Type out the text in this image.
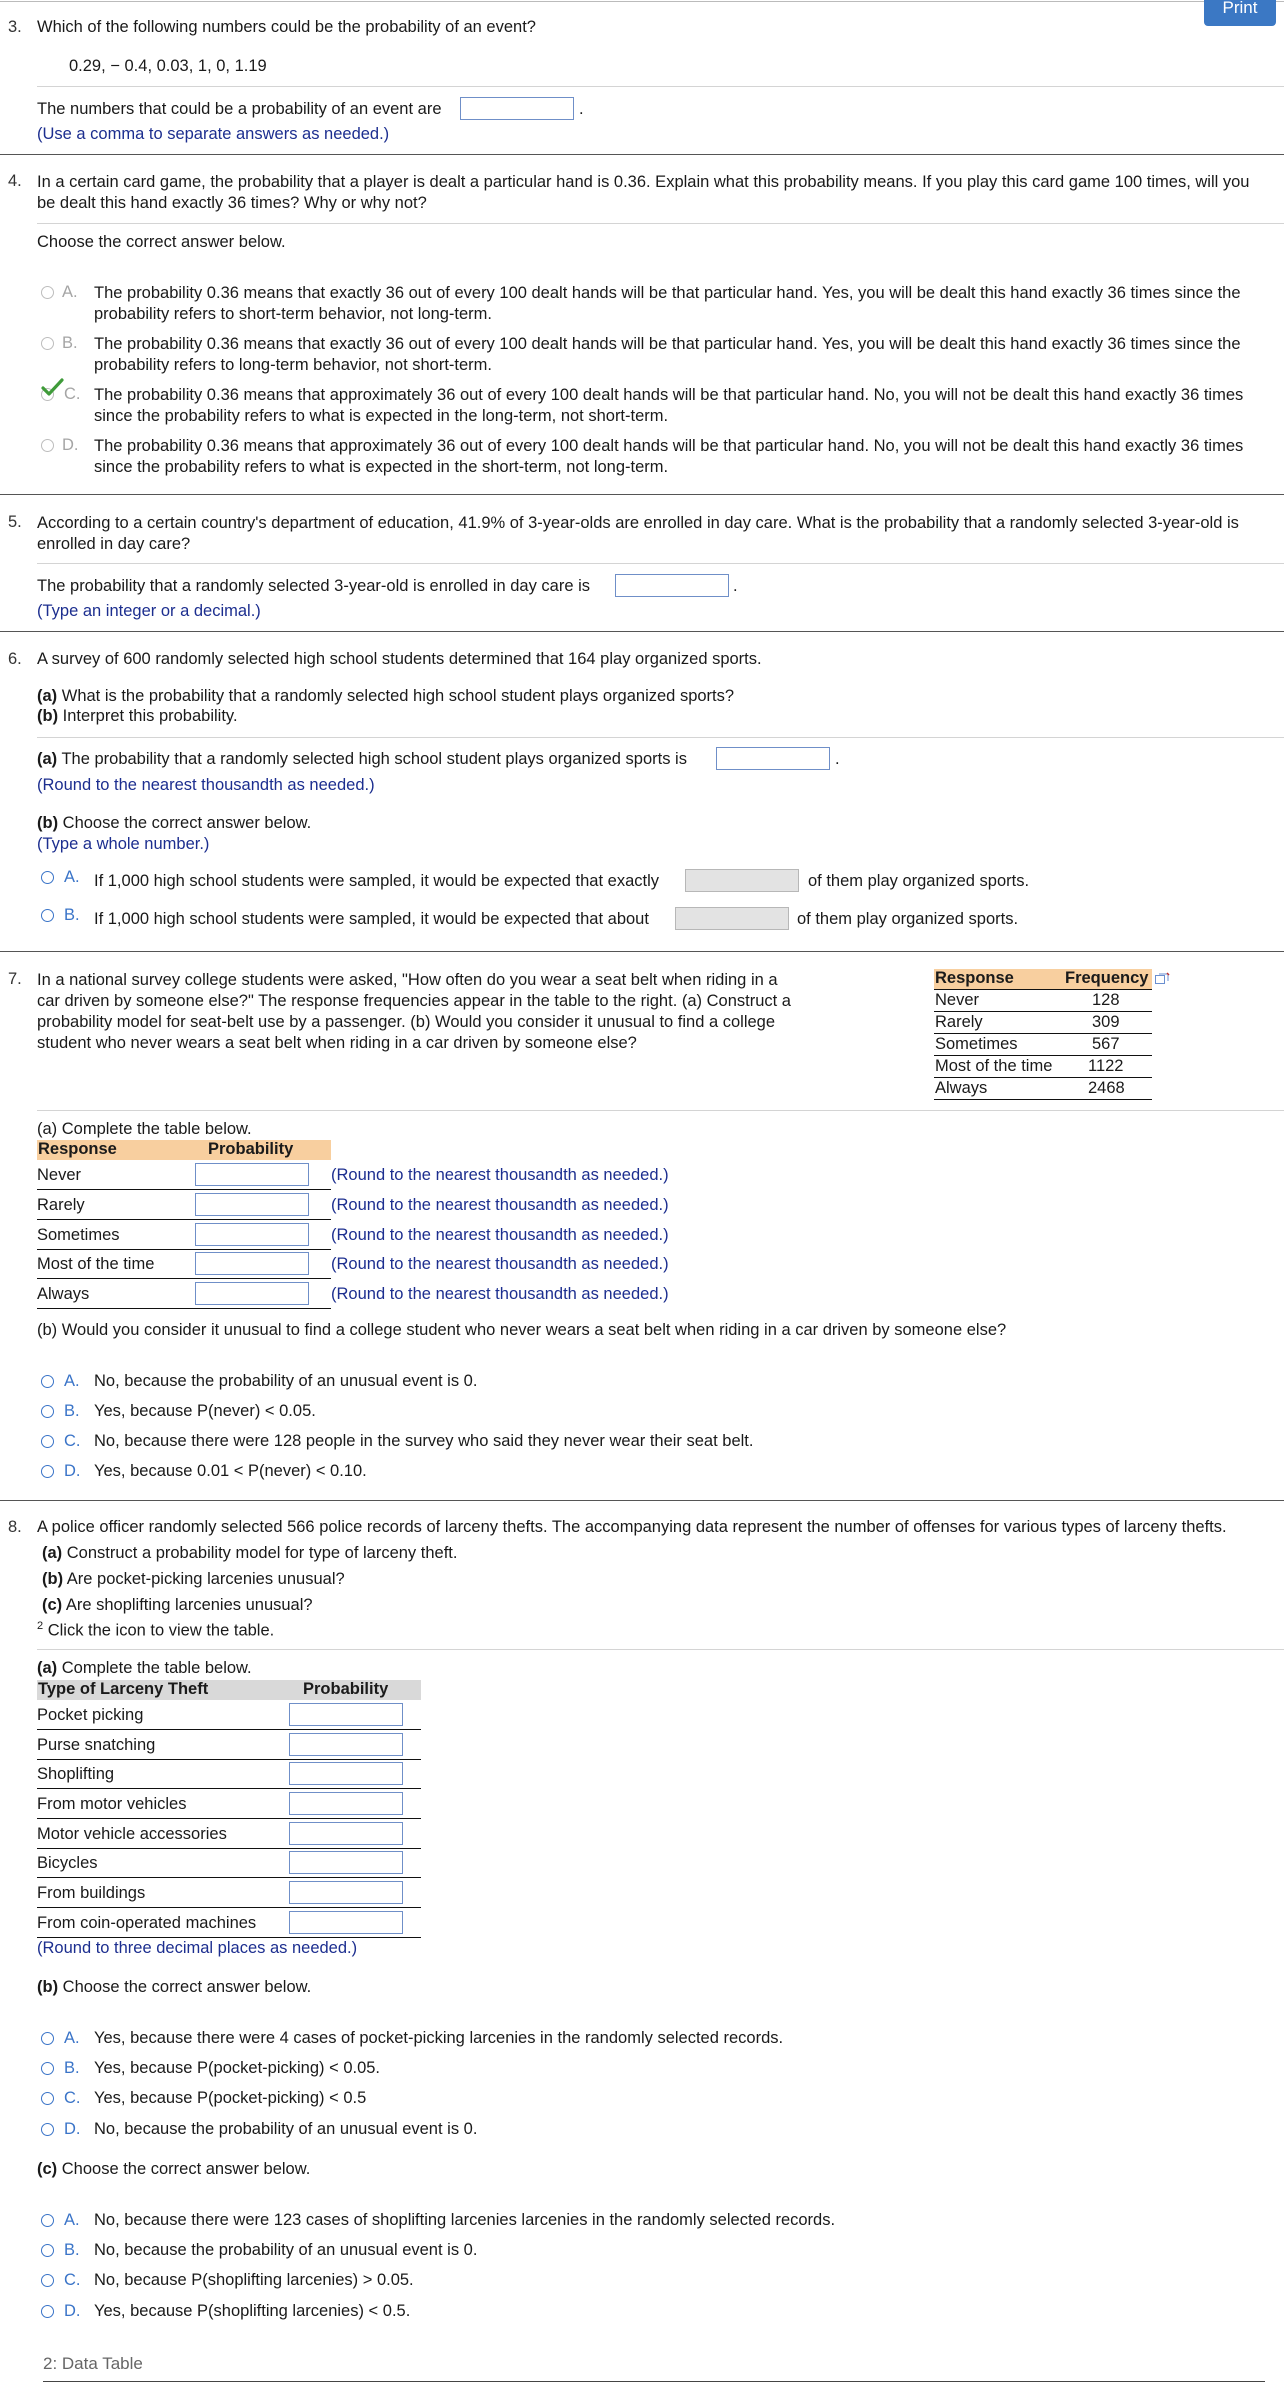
Print
3. Which of the following numbers could be the probability of an event?
0.29, − 0.4, 0.03, 1, 0, 1.19
The numbers that could be a probability of an event are	.
(Use a comma to separate answers as needed.)
4. In a certain card game, the probability that a player is dealt a particular hand is 0.36. Explain what this probability means. If you play this card game 100 times, will you be dealt this hand exactly 36 times? Why or why not?
Choose the correct answer below.
A. The probability 0.36 means that exactly 36 out of every 100 dealt hands will be that particular hand. Yes, you will be dealt this hand exactly 36 times since the probability refers to short-term behavior, not long-term.
B. The probability 0.36 means that exactly 36 out of every 100 dealt hands will be that particular hand. Yes, you will be dealt this hand exactly 36 times since the probability refers to long-term behavior, not short-term.
C. The probability 0.36 means that approximately 36 out of every 100 dealt hands will be that particular hand. No, you will not be dealt this hand exactly 36 times since the probability refers to what is expected in the long-term, not short-term.
D. The probability 0.36 means that approximately 36 out of every 100 dealt hands will be that particular hand. No, you will not be dealt this hand exactly 36 times since the probability refers to what is expected in the short-term, not long-term.
5. According to a certain country's department of education, 41.9% of 3-year-olds are enrolled in day care. What is the probability that a randomly selected 3-year-old is enrolled in day care?
The probability that a randomly selected 3-year-old is enrolled in day care is	.
(Type an integer or a decimal.)
6. A survey of 600 randomly selected high school students determined that 164 play organized sports.
(a) What is the probability that a randomly selected high school student plays organized sports?
(b) Interpret this probability.
(a) The probability that a randomly selected high school student plays organized sports is	.
(Round to the nearest thousandth as needed.)
(b) Choose the correct answer below.
(Type a whole number.)
A. If 1,000 high school students were sampled, it would be expected that exactly	of them play organized sports.
B. If 1,000 high school students were sampled, it would be expected that about	of them play organized sports.
7. In a national survey college students were asked, "How often do you wear a seat belt when riding in a car driven by someone else?" The response frequencies appear in the table to the right. (a) Construct a probability model for seat-belt use by a passenger. (b) Would you consider it unusual to find a college student who never wears a seat belt when riding in a car driven by someone else?
Response	Frequency
Never	128
Rarely	309
Sometimes	567
Most of the time 1122
Always	2468
(a) Complete the table below.
Response	Probability
Never	(Round to the nearest thousandth as needed.)
Rarely	(Round to the nearest thousandth as needed.)
Sometimes	(Round to the nearest thousandth as needed.)
Most of the time	(Round to the nearest thousandth as needed.)
Always	(Round to the nearest thousandth as needed.)
(b) Would you consider it unusual to find a college student who never wears a seat belt when riding in a car driven by someone else?
A. No, because the probability of an unusual event is 0.
B. Yes, because P(never) < 0.05.
C. No, because there were 128 people in the survey who said they never wear their seat belt.
D. Yes, because 0.01 < P(never) < 0.10.
8. A police officer randomly selected 566 police records of larceny thefts. The accompanying data represent the number of offenses for various types of larceny thefts.
(a) Construct a probability model for type of larceny theft.
(b) Are pocket-picking larcenies unusual?
(c) Are shoplifting larcenies unusual?
$^2$ Click the icon to view the table.
(a) Complete the table below.
Type of Larceny Theft	Probability
Pocket picking
Purse snatching
Shoplifting
From motor vehicles
Motor vehicle accessories
Bicycles
From buildings
From coin-operated machines
(Round to three decimal places as needed.)
(b) Choose the correct answer below.
A. Yes, because there were 4 cases of pocket-picking larcenies in the randomly selected records.
B. Yes, because P(pocket-picking) < 0.05.
C. Yes, because P(pocket-picking) < 0.5
D. No, because the probability of an unusual event is 0.
(c) Choose the correct answer below.
A. No, because there were 123 cases of shoplifting larcenies larcenies in the randomly selected records.
B. No, because the probability of an unusual event is 0.
C. No, because P(shoplifting larcenies) > 0.05.
D. Yes, because P(shoplifting larcenies) < 0.5.
2: Data Table
